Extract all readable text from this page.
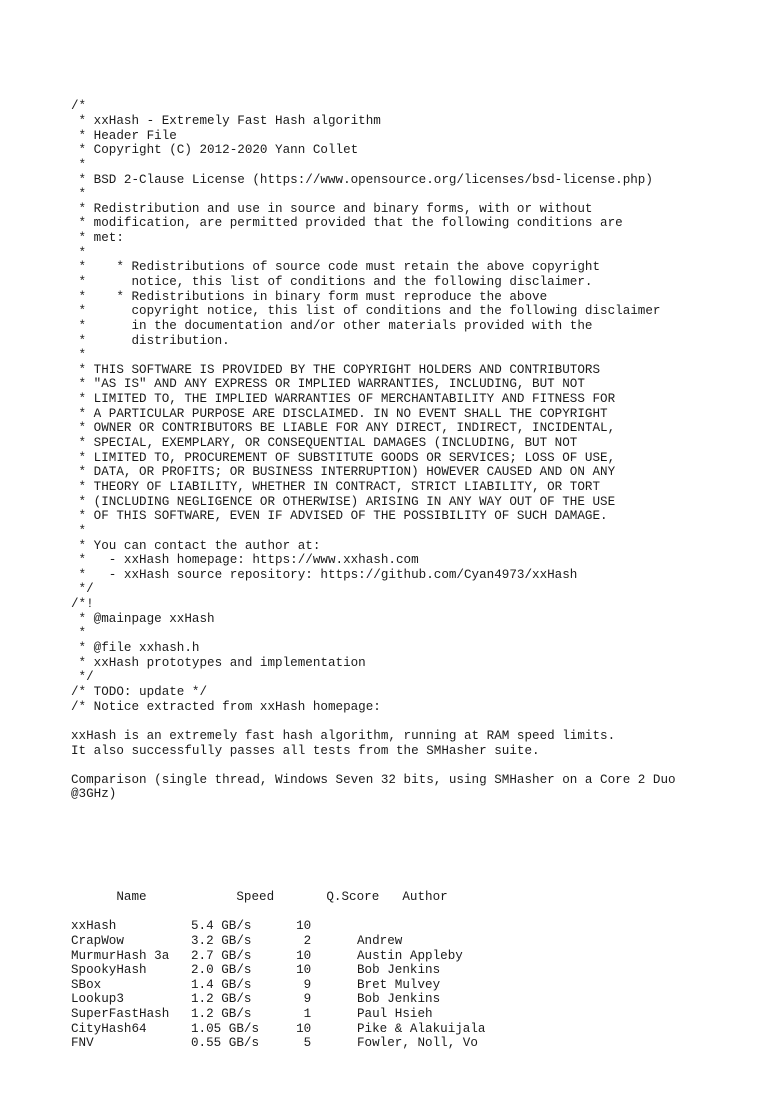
/*
* xxHash - Extremely Fast Hash algorithm
* Header File
* Copyright (C) 2012-2020 Yann Collet
*
* BSD 2-Clause License (https://www.opensource.org/licenses/bsd-license.php)
*
* Redistribution and use in source and binary forms, with or without
* modification, are permitted provided that the following conditions are
* met:
*
*    * Redistributions of source code must retain the above copyright
*      notice, this list of conditions and the following disclaimer.
*    * Redistributions in binary form must reproduce the above
*      copyright notice, this list of conditions and the following disclaimer
*      in the documentation and/or other materials provided with the
*      distribution.
*
* THIS SOFTWARE IS PROVIDED BY THE COPYRIGHT HOLDERS AND CONTRIBUTORS
* "AS IS" AND ANY EXPRESS OR IMPLIED WARRANTIES, INCLUDING, BUT NOT
* LIMITED TO, THE IMPLIED WARRANTIES OF MERCHANTABILITY AND FITNESS FOR
* A PARTICULAR PURPOSE ARE DISCLAIMED. IN NO EVENT SHALL THE COPYRIGHT
* OWNER OR CONTRIBUTORS BE LIABLE FOR ANY DIRECT, INDIRECT, INCIDENTAL,
* SPECIAL, EXEMPLARY, OR CONSEQUENTIAL DAMAGES (INCLUDING, BUT NOT
* LIMITED TO, PROCUREMENT OF SUBSTITUTE GOODS OR SERVICES; LOSS OF USE,
* DATA, OR PROFITS; OR BUSINESS INTERRUPTION) HOWEVER CAUSED AND ON ANY
* THEORY OF LIABILITY, WHETHER IN CONTRACT, STRICT LIABILITY, OR TORT
* (INCLUDING NEGLIGENCE OR OTHERWISE) ARISING IN ANY WAY OUT OF THE USE
* OF THIS SOFTWARE, EVEN IF ADVISED OF THE POSSIBILITY OF SUCH DAMAGE.
*
* You can contact the author at:
*   - xxHash homepage: https://www.xxhash.com
*   - xxHash source repository: https://github.com/Cyan4973/xxHash
*/
/*!
* @mainpage xxHash
*
* @file xxhash.h
* xxHash prototypes and implementation
*/
/* TODO: update */
/* Notice extracted from xxHash homepage:
xxHash is an extremely fast hash algorithm, running at RAM speed limits.
It also successfully passes all tests from the SMHasher suite.
Comparison (single thread, Windows Seven 32 bits, using SMHasher on a Core 2 Duo
@3GHz)

Name	Speed	Q.Score Author

xxHash	5.4 GB/s  10
CrapWow	3.2 GB/s   2	Andrew
MurmurHash 3a 2.7 GB/s  10	Austin Appleby
SpookyHash	2.0 GB/s  10	Bob Jenkins
SBox	1.4 GB/s   9	Bret Mulvey
Lookup3	1.2 GB/s   9	Bob Jenkins
SuperFastHash 1.2 GB/s   1	Paul Hsieh
CityHash64	1.05 GB/s  10	Pike & Alakuijala
FNV	0.55 GB/s   5	Fowler, Noll, Vo
